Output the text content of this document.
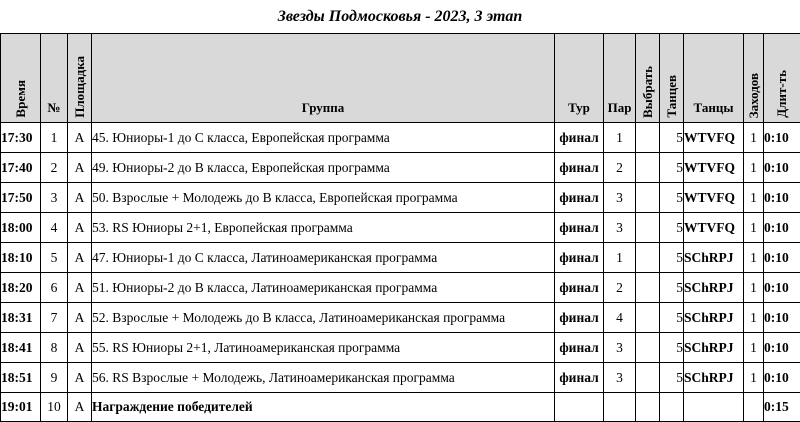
Звезды Подмосковья - 2023, 3 этап
Время	№	Площадка	Группа	Тур	Пар	Выбрать	Танцев	Танцы	Заходов	Длит-ть
17:30	1	A	45. Юниоры-1 до С класса, Европейская программа	финал	1		5	WTVFQ	1	0:10
17:40	2	A	49. Юниоры-2 до В класса, Европейская программа	финал	2		5	WTVFQ	1	0:10
17:50	3	A	50. Взрослые + Молодежь до В класса, Европейская программа	финал	3		5	WTVFQ	1	0:10
18:00	4	A	53. RS Юниоры 2+1, Европейская программа	финал	3		5	WTVFQ	1	0:10
18:10	5	A	47. Юниоры-1 до С класса, Латиноамериканская программа	финал	1		5	SChRPJ	1	0:10
18:20	6	A	51. Юниоры-2 до В класса, Латиноамериканская программа	финал	2		5	SChRPJ	1	0:10
18:31	7	A	52. Взрослые + Молодежь до В класса, Латиноамериканская программа	финал	4		5	SChRPJ	1	0:10
18:41	8	A	55. RS Юниоры 2+1, Латиноамериканская программа	финал	3		5	SChRPJ	1	0:10
18:51	9	A	56. RS Взрослые + Молодежь, Латиноамериканская программа	финал	3		5	SChRPJ	1	0:10
19:01	10	A	Награждение победителей							0:15
